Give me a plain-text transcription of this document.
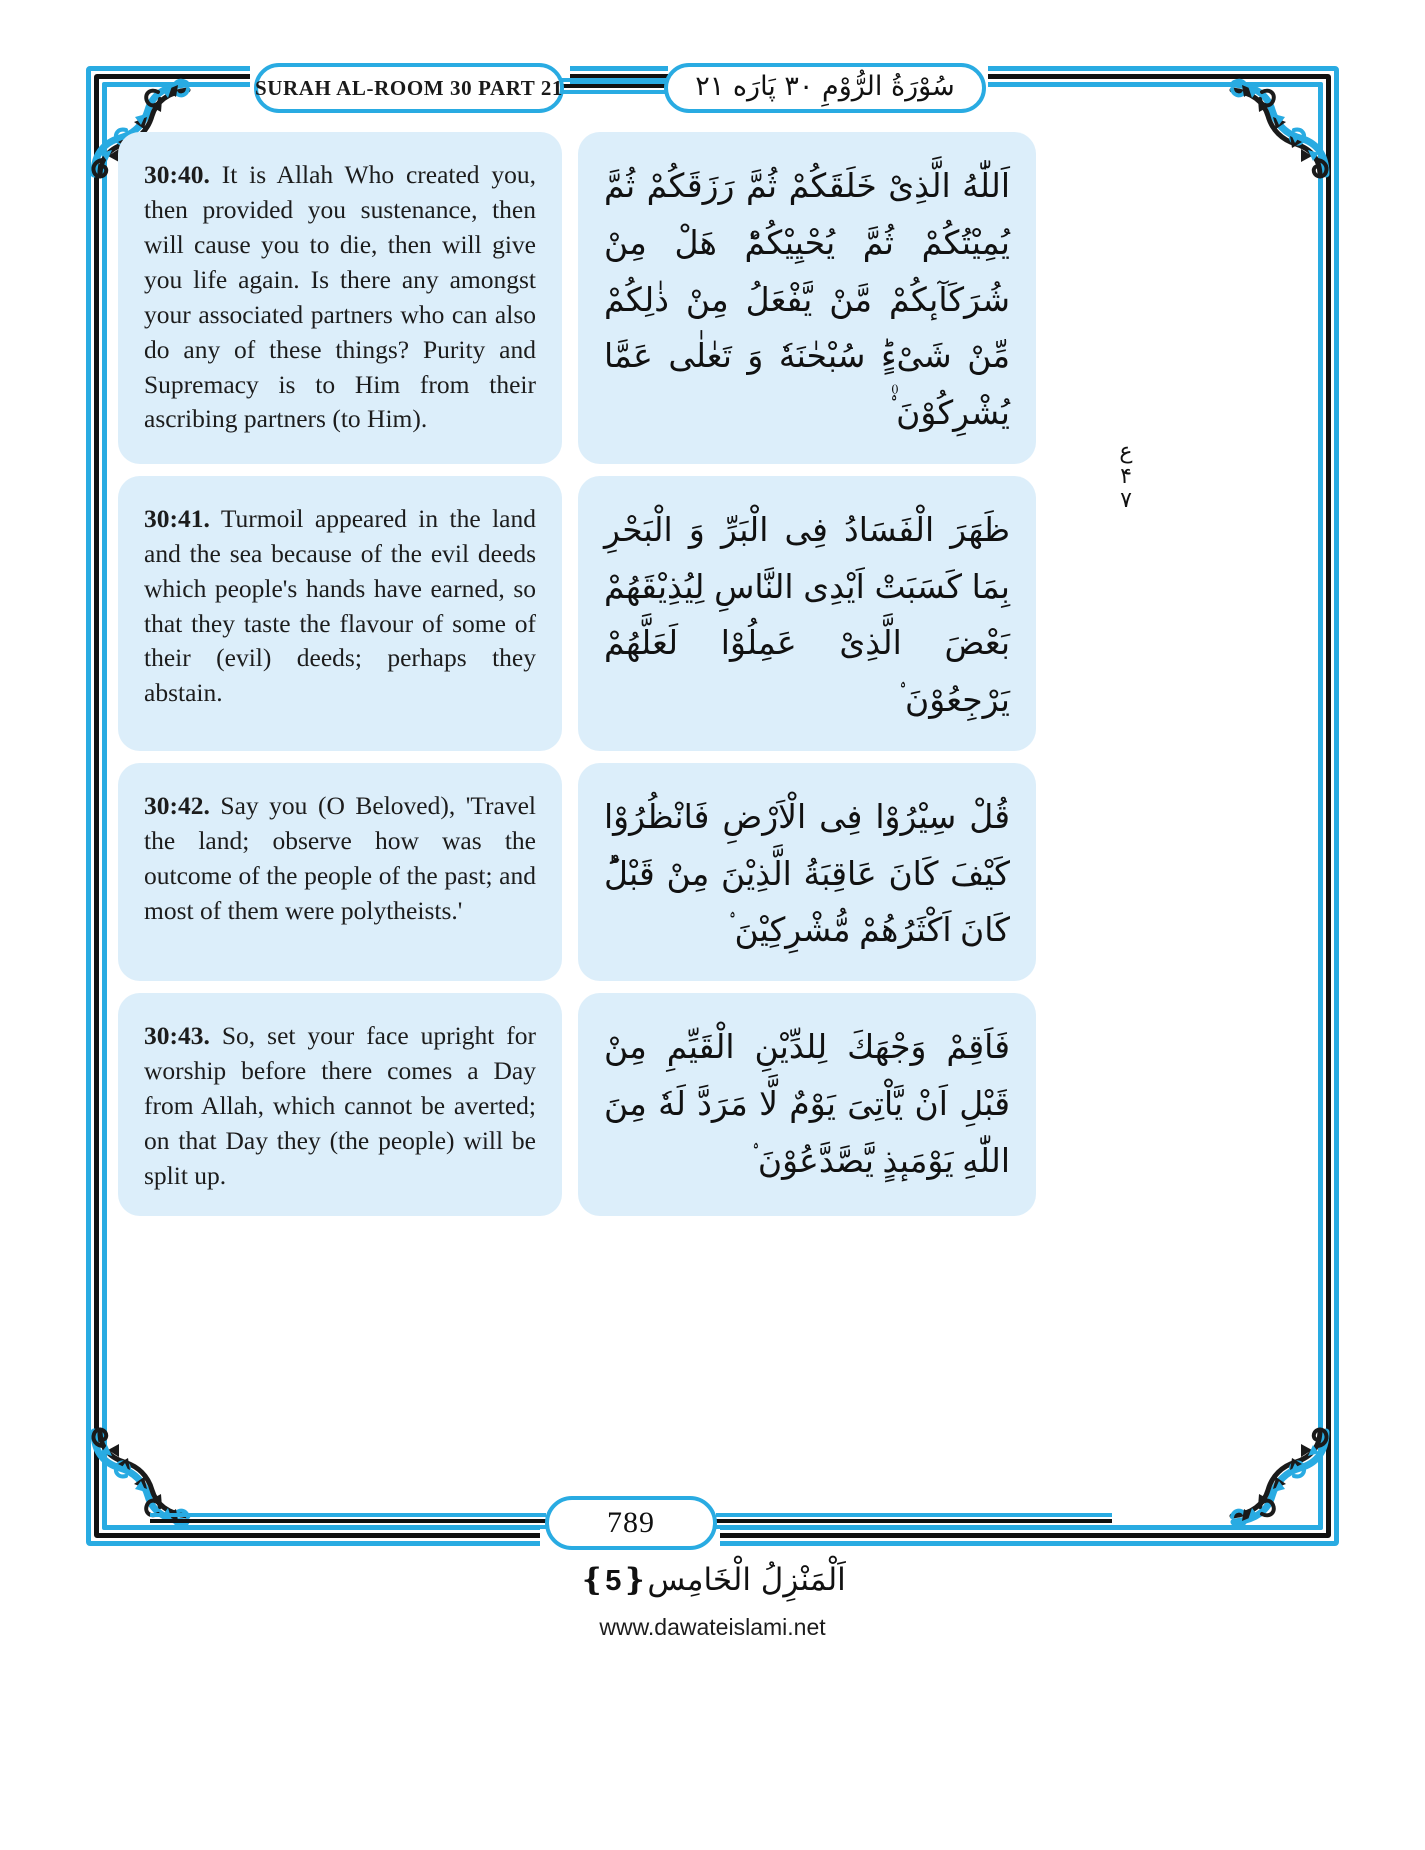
SURAH AL-ROOM 30 PART 21	سُوْرَةُ الرُّوْمِ ۳۰ پَارَه ۲۱
30:40. It is Allah Who created you, then provided you sustenance, then will cause you to die, then will give you life again. Is there any amongst your associated partners who can also do any of these things? Purity and Supremacy is to Him from their ascribing partners (to Him).
اَللّٰهُ الَّذِیْ خَلَقَكُمْ ثُمَّ رَزَقَكُمْ ثُمَّ یُمِیْتُكُمْ ثُمَّ یُحْیِیْكُمْؕ هَلْ مِنْ شُرَكَآىٕكُمْ مَّنْ یَّفْعَلُ مِنْ ذٰلِكُمْ مِّنْ شَیْءٍؕ سُبْحٰنَهٗ وَ تَعٰلٰى عَمَّا یُشْرِكُوْنَ ۟۠
30:41. Turmoil appeared in the land and the sea because of the evil deeds which people's hands have earned, so that they taste the flavour of some of their (evil) deeds; perhaps they abstain.
ظَهَرَ الْفَسَادُ فِی الْبَرِّ وَ الْبَحْرِ بِمَا كَسَبَتْ اَیْدِی النَّاسِ لِیُذِیْقَهُمْ بَعْضَ الَّذِیْ عَمِلُوْا لَعَلَّهُمْ یَرْجِعُوْنَ ۟
30:42. Say you (O Beloved), 'Travel the land; observe how was the outcome of the people of the past; and most of them were polytheists.'
قُلْ سِیْرُوْا فِی الْاَرْضِ فَانْظُرُوْا كَیْفَ كَانَ عَاقِبَةُ الَّذِیْنَ مِنْ قَبْلُؕ كَانَ اَكْثَرُهُمْ مُّشْرِكِیْنَ ۟
30:43. So, set your face upright for worship before there comes a Day from Allah, which cannot be averted; on that Day they (the people) will be split up.
فَاَقِمْ وَجْهَكَ لِلدِّیْنِ الْقَیِّمِ مِنْ قَبْلِ اَنْ یَّاْتِیَ یَوْمٌ لَّا مَرَدَّ لَهٗ مِنَ اللّٰهِ یَوْمَىٕذٍ یَّصَّدَّعُوْنَ ۟
ع
۴
۷
789
اَلْمَنْزِلُ الْخَامِس❴5❵
www.dawateislami.net
